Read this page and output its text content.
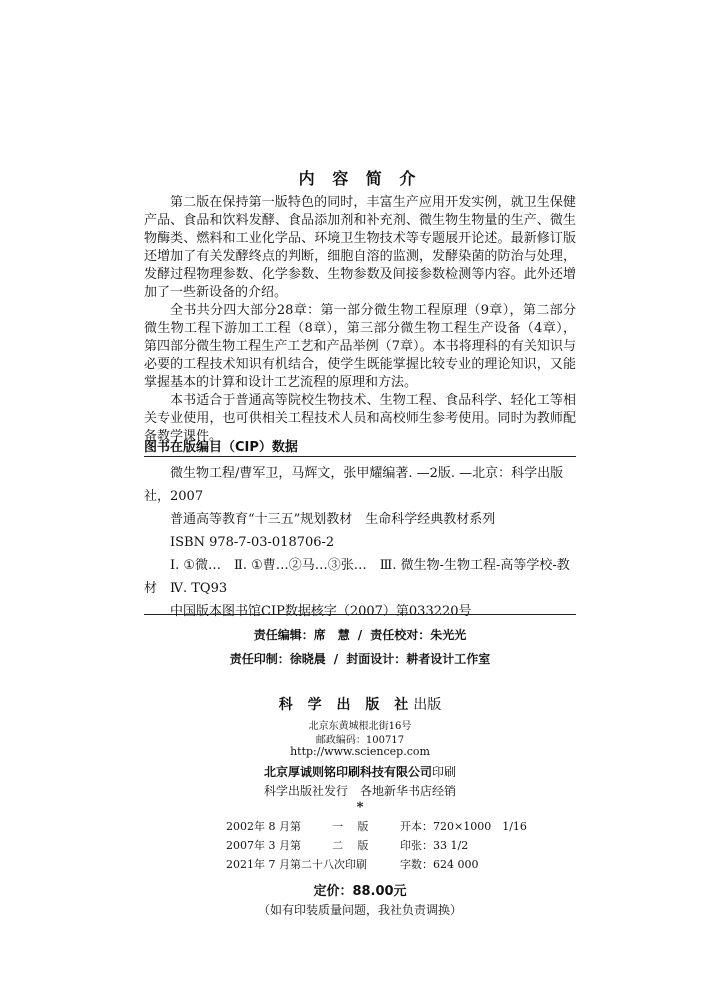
内 容 简 介

第二版在保持第一版特色的同时，丰富生产应用开发实例，就卫生保健产品、食品和饮料发酵、食品添加剂和补充剂、微生物生物量的生产、微生物酶类、燃料和工业化学品、环境卫生物技术等专题展开论述。最新修订版还增加了有关发酵终点的判断，细胞自溶的监测，发酵染菌的防治与处理，发酵过程物理参数、化学参数、生物参数及间接参数检测等内容。此外还增加了一些新设备的介绍。

全书共分四大部分28章：第一部分微生物工程原理（9章），第二部分微生物工程下游加工工程（8章），第三部分微生物工程生产设备（4章），第四部分微生物工程生产工艺和产品举例（7章）。本书将理科的有关知识与必要的工程技术知识有机结合，使学生既能掌握比较专业的理论知识，又能掌握基本的计算和设计工艺流程的原理和方法。

本书适合于普通高等院校生物技术、生物工程、食品科学、轻化工等相关专业使用，也可供相关工程技术人员和高校师生参考使用。同时为教师配备教学课件。

图书在版编目（CIP）数据

微生物工程/曹军卫，马辉文，张甲耀编著. —2版. —北京：科学出版社，2007

普通高等教育“十三五”规划教材　生命科学经典教材系列

ISBN 978-7-03-018706-2

Ⅰ. ①微…　Ⅱ. ①曹…②马…③张…　Ⅲ. 微生物-生物工程-高等学校-教材　Ⅳ. TQ93

中国版本图书馆CIP数据核字（2007）第033220号

责任编辑：席　慧 / 责任校对：朱光光
责任印制：徐晓晨 / 封面设计：耕者设计工作室
科 学 出 版 社出版
北京东黄城根北街16号
邮政编码：100717
http://www.sciencep.com
北京厚诚则铭印刷科技有限公司印刷
科学出版社发行　各地新华书店经销
*
2002年 8 月第	一　 版	开本：720×1000　1/16
2007年 3 月第	二　 版	印张：33 1/2
2021年 7 月第二十八次印刷	字数：624 000
定价：88.00元
（如有印装质量问题，我社负责调换）
